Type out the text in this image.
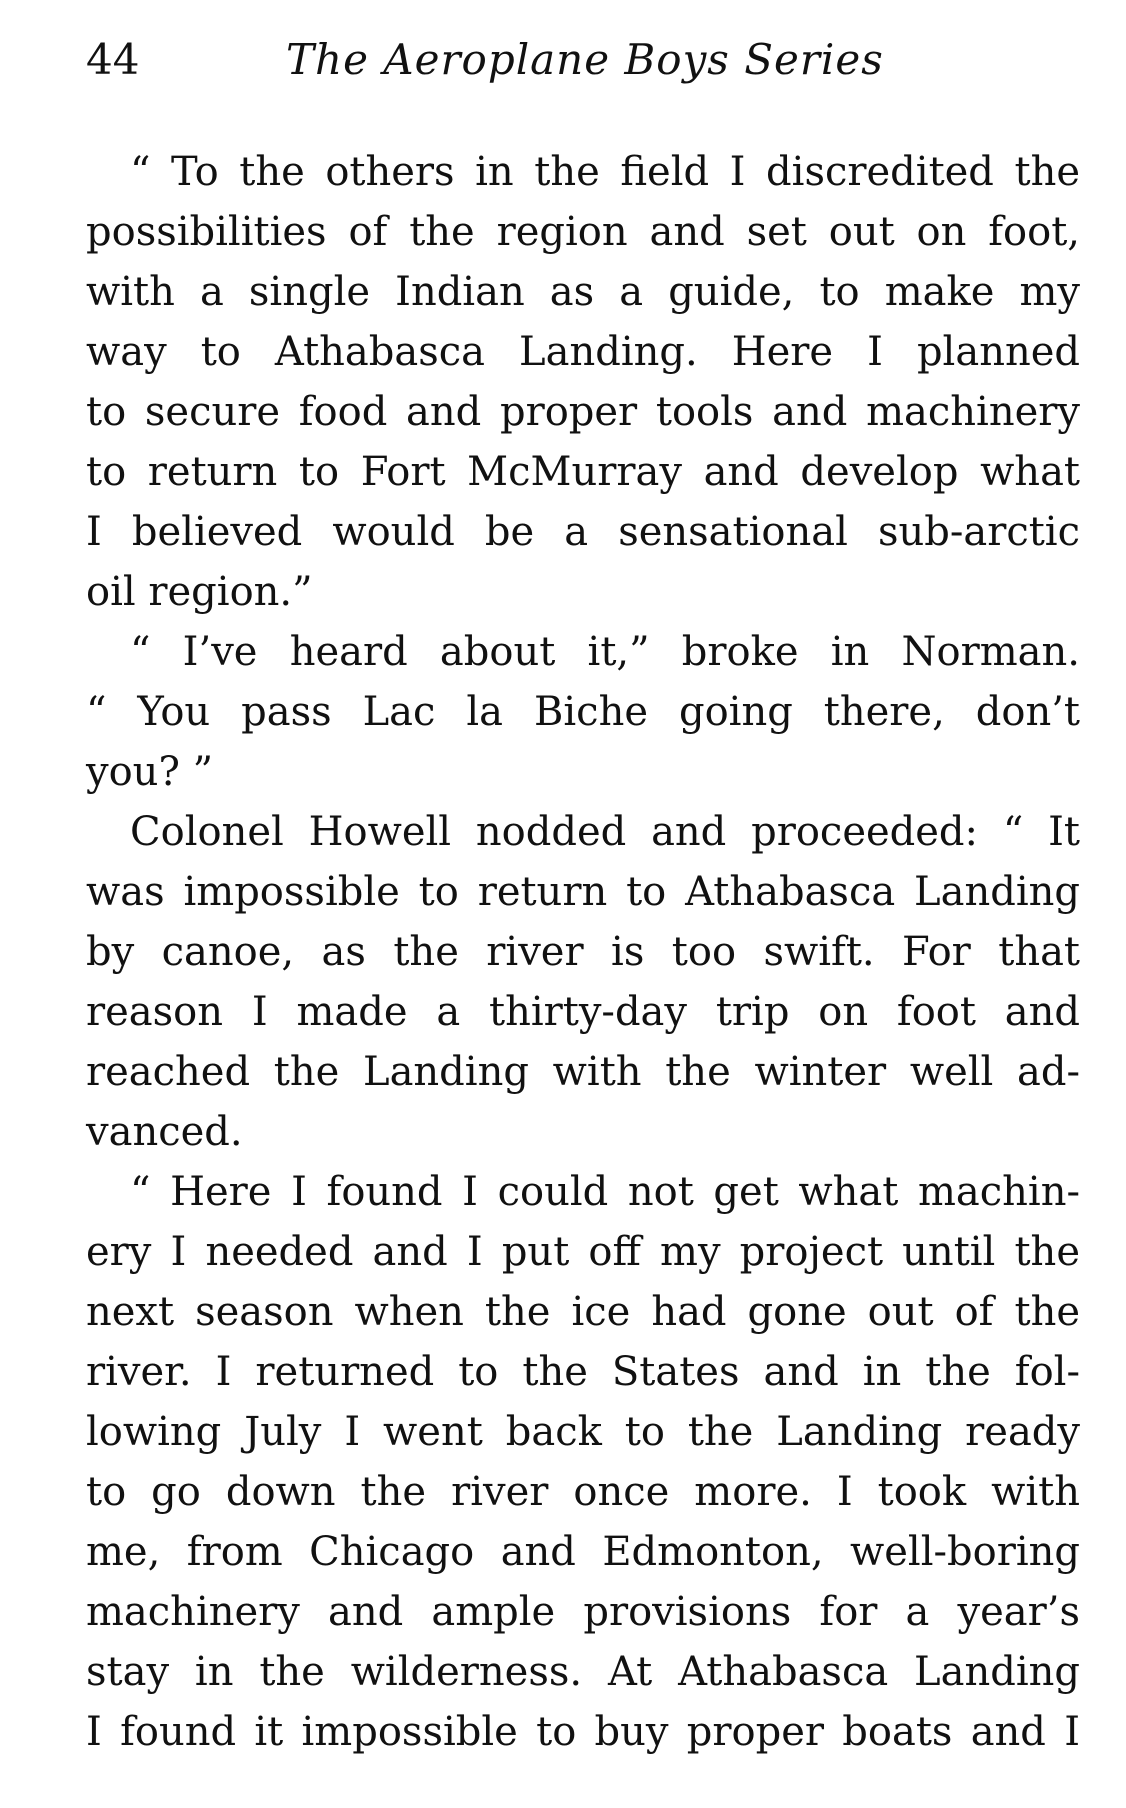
44	The Aeroplane Boys Series
“ To the others in the field I discredited the
possibilities of the region and set out on foot,
with a single Indian as a guide, to make my
way to Athabasca Landing. Here I planned
to secure food and proper tools and machinery
to return to Fort McMurray and develop what
I believed would be a sensational sub-arctic
oil region.”
“ I’ve heard about it,” broke in Norman.
“ You pass Lac la Biche going there, don’t
you? ”
Colonel Howell nodded and proceeded: “ It
was impossible to return to Athabasca Landing
by canoe, as the river is too swift. For that
reason I made a thirty-day trip on foot and
reached the Landing with the winter well ad-
vanced.
“ Here I found I could not get what machin-
ery I needed and I put off my project until the
next season when the ice had gone out of the
river. I returned to the States and in the fol-
lowing July I went back to the Landing ready
to go down the river once more. I took with
me, from Chicago and Edmonton, well-boring
machinery and ample provisions for a year’s
stay in the wilderness. At Athabasca Landing
I found it impossible to buy proper boats and I
